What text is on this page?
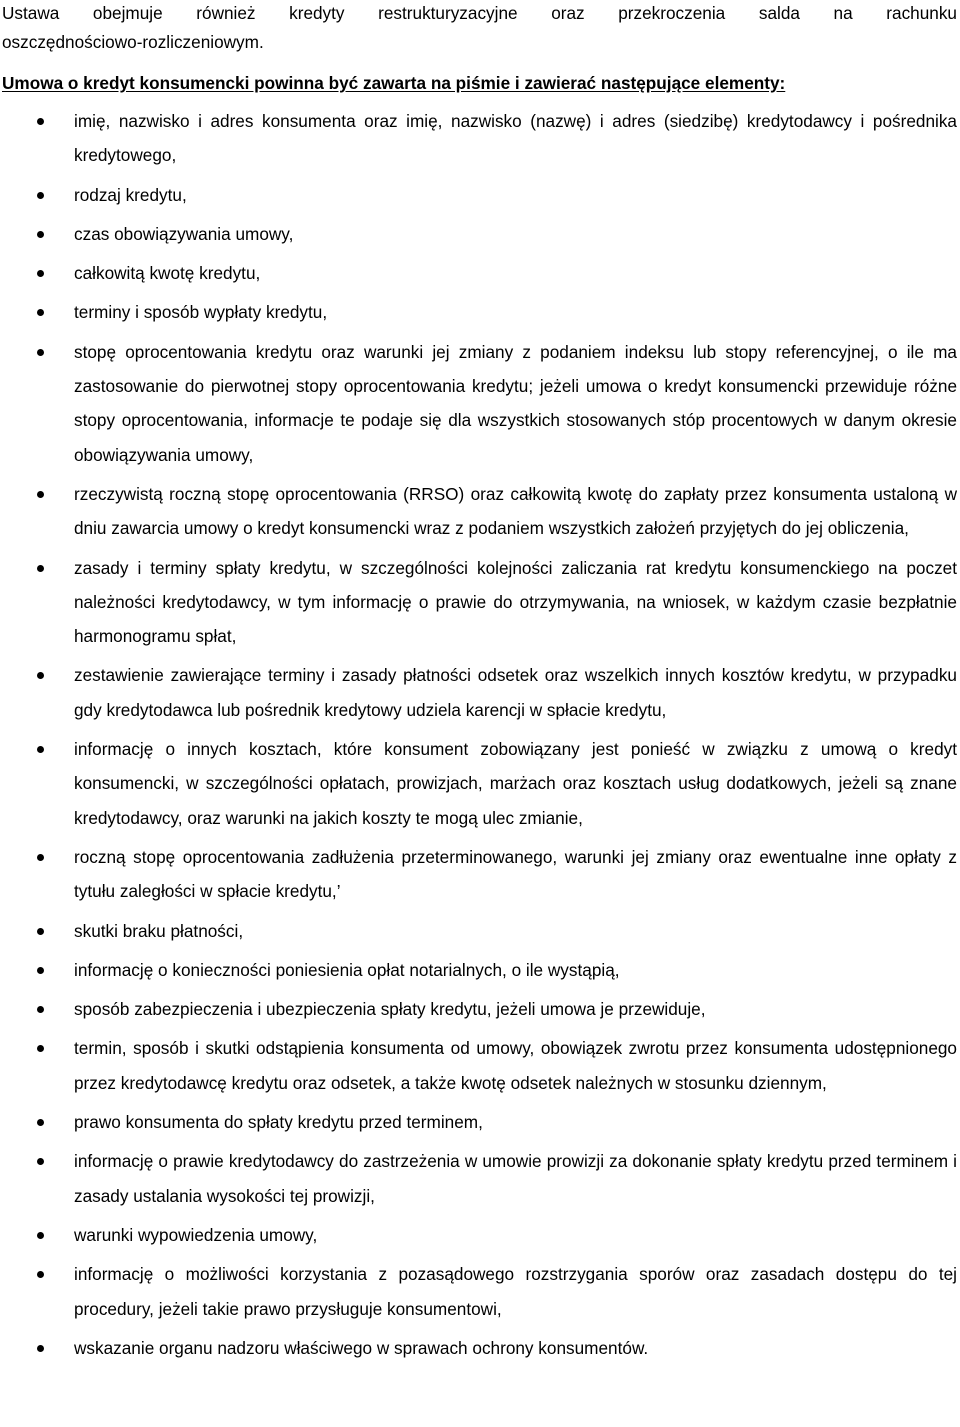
Ustawa obejmuje również kredyty restrukturyzacyjne oraz przekroczenia salda na rachunku
oszczędnościowo-rozliczeniowym.
Umowa o kredyt konsumencki powinna być zawarta na piśmie i zawierać następujące elementy:
imię, nazwisko i adres konsumenta oraz imię, nazwisko (nazwę) i adres (siedzibę) kredytodawcy i pośrednika kredytowego,
rodzaj kredytu,
czas obowiązywania umowy,
całkowitą kwotę kredytu,
terminy i sposób wypłaty kredytu,
stopę oprocentowania kredytu oraz warunki jej zmiany z podaniem indeksu lub stopy referencyjnej, o ile ma zastosowanie do pierwotnej stopy oprocentowania kredytu; jeżeli umowa o kredyt konsumencki przewiduje różne stopy oprocentowania, informacje te podaje się dla wszystkich stosowanych stóp procentowych w danym okresie obowiązywania umowy,
rzeczywistą roczną stopę oprocentowania (RRSO) oraz całkowitą kwotę do zapłaty przez konsumenta ustaloną w dniu zawarcia umowy o kredyt konsumencki wraz z podaniem wszystkich założeń przyjętych do jej obliczenia,
zasady i terminy spłaty kredytu, w szczególności kolejności zaliczania rat kredytu konsumenckiego na poczet należności kredytodawcy, w tym informację o prawie do otrzymywania, na wniosek, w każdym czasie bezpłatnie harmonogramu spłat,
zestawienie zawierające terminy i zasady płatności odsetek oraz wszelkich innych kosztów kredytu, w przypadku gdy kredytodawca lub pośrednik kredytowy udziela karencji w spłacie kredytu,
informację o innych kosztach, które konsument zobowiązany jest ponieść w związku z umową o kredyt konsumencki, w szczególności opłatach, prowizjach, marżach oraz kosztach usług dodatkowych, jeżeli są znane kredytodawcy, oraz warunki na jakich koszty te mogą ulec zmianie,
roczną stopę oprocentowania zadłużenia przeterminowanego, warunki jej zmiany oraz ewentualne inne opłaty z tytułu zaległości w spłacie kredytu,’
skutki braku płatności,
informację o konieczności poniesienia opłat notarialnych, o ile wystąpią,
sposób zabezpieczenia i ubezpieczenia spłaty kredytu, jeżeli umowa je przewiduje,
termin, sposób i skutki odstąpienia konsumenta od umowy, obowiązek zwrotu przez konsumenta udostępnionego przez kredytodawcę kredytu oraz odsetek, a także kwotę odsetek należnych w stosunku dziennym,
prawo konsumenta do spłaty kredytu przed terminem,
informację o prawie kredytodawcy do zastrzeżenia w umowie prowizji za dokonanie spłaty kredytu przed terminem i zasady ustalania wysokości tej prowizji,
warunki wypowiedzenia umowy,
informację o możliwości korzystania z pozasądowego rozstrzygania sporów oraz zasadach dostępu do tej procedury, jeżeli takie prawo przysługuje konsumentowi,
wskazanie organu nadzoru właściwego w sprawach ochrony konsumentów.
